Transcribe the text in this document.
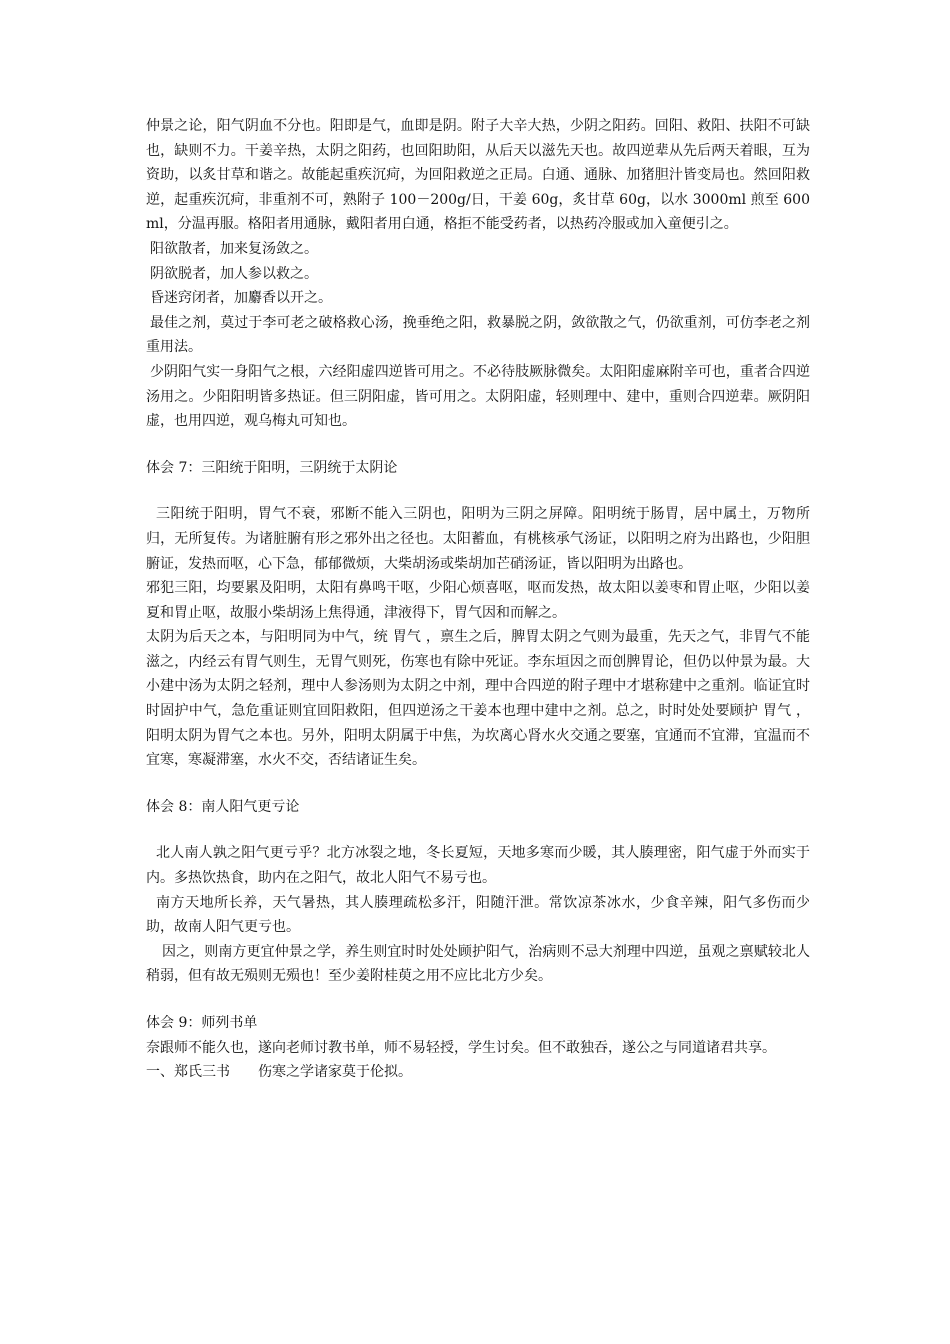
仲景之论，阳气阴血不分也。阳即是气，血即是阴。附子大辛大热，少阴之阳药。回阳、救阳、扶阳不可缺也，缺则不力。干姜辛热，太阴之阳药，也回阳助阳，从后天以滋先天也。故四逆辈从先后两天着眼，互为资助，以炙甘草和谐之。故能起重疾沉疴，为回阳救逆之正局。白通、通脉、加猪胆汁皆变局也。然回阳救逆，起重疾沉疴，非重剂不可，熟附子 100－200g/日，干姜 60g，炙甘草 60g，以水 3000ml 煎至 600ml，分温再服。格阳者用通脉，戴阳者用白通，格拒不能受药者，以热药冷服或加入童便引之。

阳欲散者，加来复汤敛之。

阴欲脱者，加人参以救之。

昏迷窍闭者，加麝香以开之。

最佳之剂，莫过于李可老之破格救心汤，挽垂绝之阳，救暴脱之阴，敛欲散之气，仍欲重剂，可仿李老之剂重用法。

少阴阳气实一身阳气之根，六经阳虚四逆皆可用之。不必待肢厥脉微矣。太阳阳虚麻附辛可也，重者合四逆汤用之。少阳阳明皆多热证。但三阴阳虚，皆可用之。太阴阳虚，轻则理中、建中，重则合四逆辈。厥阴阳虚，也用四逆，观乌梅丸可知也。

体会 7：三阳统于阳明，三阴统于太阴论

三阳统于阳明，胃气不衰，邪断不能入三阴也，阳明为三阴之屏障。阳明统于肠胃，居中属土，万物所归，无所复传。为诸脏腑有形之邪外出之径也。太阳蓄血，有桃核承气汤证，以阳明之府为出路也，少阳胆腑证，发热而呕，心下急，郁郁微烦，大柴胡汤或柴胡加芒硝汤证，皆以阳明为出路也。

邪犯三阳，均要累及阳明，太阳有鼻鸣干呕，少阳心烦喜呕，呕而发热，故太阳以姜枣和胃止呕，少阳以姜夏和胃止呕，故服小柴胡汤上焦得通，津液得下，胃气因和而解之。

太阴为后天之本，与阳明同为中气，统 胃气 ，禀生之后，脾胃太阴之气则为最重，先天之气，非胃气不能滋之，内经云有胃气则生，无胃气则死，伤寒也有除中死证。李东垣因之而创脾胃论，但仍以仲景为最。大小建中汤为太阴之轻剂，理中人参汤则为太阴之中剂，理中合四逆的附子理中才堪称建中之重剂。临证宜时时固护中气，急危重证则宜回阳救阳，但四逆汤之干姜本也理中建中之剂。总之，时时处处要顾护 胃气 ，阳明太阴为胃气之本也。另外，阳明太阴属于中焦，为坎离心肾水火交通之要塞，宜通而不宜滞，宜温而不宜寒，寒凝滞塞，水火不交，否结诸证生矣。

体会 8：南人阳气更亏论

北人南人孰之阳气更亏乎？北方冰裂之地，冬长夏短，天地多寒而少暖，其人腠理密，阳气虚于外而实于内。多热饮热食，助内在之阳气，故北人阳气不易亏也。

南方天地所长养，天气暑热，其人腠理疏松多汗，阳随汗泄。常饮凉茶冰水，少食辛辣，阳气多伤而少助，故南人阳气更亏也。

因之，则南方更宜仲景之学，养生则宜时时处处顾护阳气，治病则不忌大剂理中四逆，虽观之禀赋较北人稍弱，但有故无殒则无殒也！至少姜附桂萸之用不应比北方少矣。

体会 9：师列书单

奈跟师不能久也，遂向老师讨教书单，师不易轻授，学生讨矣。但不敢独吞，遂公之与同道诸君共享。

一、郑氏三书　　伤寒之学诸家莫于伦拟。
